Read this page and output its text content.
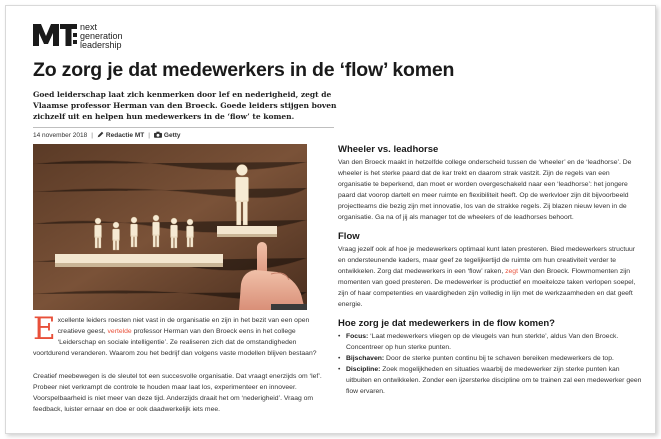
next
generation
leadership
Zo zorg je dat medewerkers in de ‘flow’ komen

Goed leiderschap laat zich kenmerken door lef en nederigheid, zegt de Vlaamse professor Herman van den Broeck. Goede leiders stijgen boven zichzelf uit en helpen hun medewerkers in de ‘flow’ te komen.

14 november 2018 | Redactie MT | Getty

Excellente leiders roesten niet vast in de organisatie en zijn in het bezit van een open creatieve geest, vertelde professor Herman van den Broeck eens in het college ‘Leiderschap en sociale intelligentie’. Ze realiseren zich dat de omstandigheden voortdurend veranderen. Waarom zou het bedrijf dan volgens vaste modellen blijven bestaan?

Creatief meebewegen is de sleutel tot een succesvolle organisatie. Dat vraagt enerzijds om ‘lef’. Probeer niet verkrampt de controle te houden maar laat los, experimenteer en innoveer. Voorspelbaarheid is niet meer van deze tijd. Anderzijds draait het om ‘nederigheid’. Vraag om feedback, luister ernaar en doe er ook daadwerkelijk iets mee.

Wheeler vs. leadhorse

Van den Broeck maakt in hetzelfde college onderscheid tussen de ‘wheeler’ en de ‘leadhorse’. De wheeler is het sterke paard dat de kar trekt en daarom strak vastzit. Zijn de regels van een organisatie te beperkend, dan moet er worden overgeschakeld naar een ‘leadhorse’: het jongere paard dat voorop dartelt en meer ruimte en flexibiliteit heeft. Op de werkvloer zijn dit bijvoorbeeld projectteams die bezig zijn met innovatie, los van de strakke regels. Zij blazen nieuw leven in de organisatie. Ga na of jij als manager tot de wheelers of de leadhorses behoort.

Flow

Vraag jezelf ook af hoe je medewerkers optimaal kunt laten presteren. Bied medewerkers structuur en ondersteunende kaders, maar geef ze tegelijkertijd de ruimte om hun creativiteit verder te ontwikkelen. Zorg dat medewerkers in een ‘flow’ raken, zegt Van den Broeck. Flowmomenten zijn momenten van goed presteren. De medewerker is productief en moeiteloze taken verlopen soepel, zijn of haar competenties en vaardigheden zijn volledig in lijn met de werkzaamheden en dat geeft energie.

Hoe zorg je dat medewerkers in de flow komen?
• Focus: ‘Laat medewerkers vliegen op de vleugels van hun sterkte’, aldus Van den Broeck. Concentreer op hun sterke punten.
• Bijschaven: Door de sterke punten continu bij te schaven bereiken medewerkers de top.
• Discipline: Zoek mogelijkheden en situaties waarbij de medewerker zijn sterke punten kan uitbuiten en ontwikkelen. Zonder een ijzersterke discipline om te trainen zal een medewerker geen flow ervaren.
